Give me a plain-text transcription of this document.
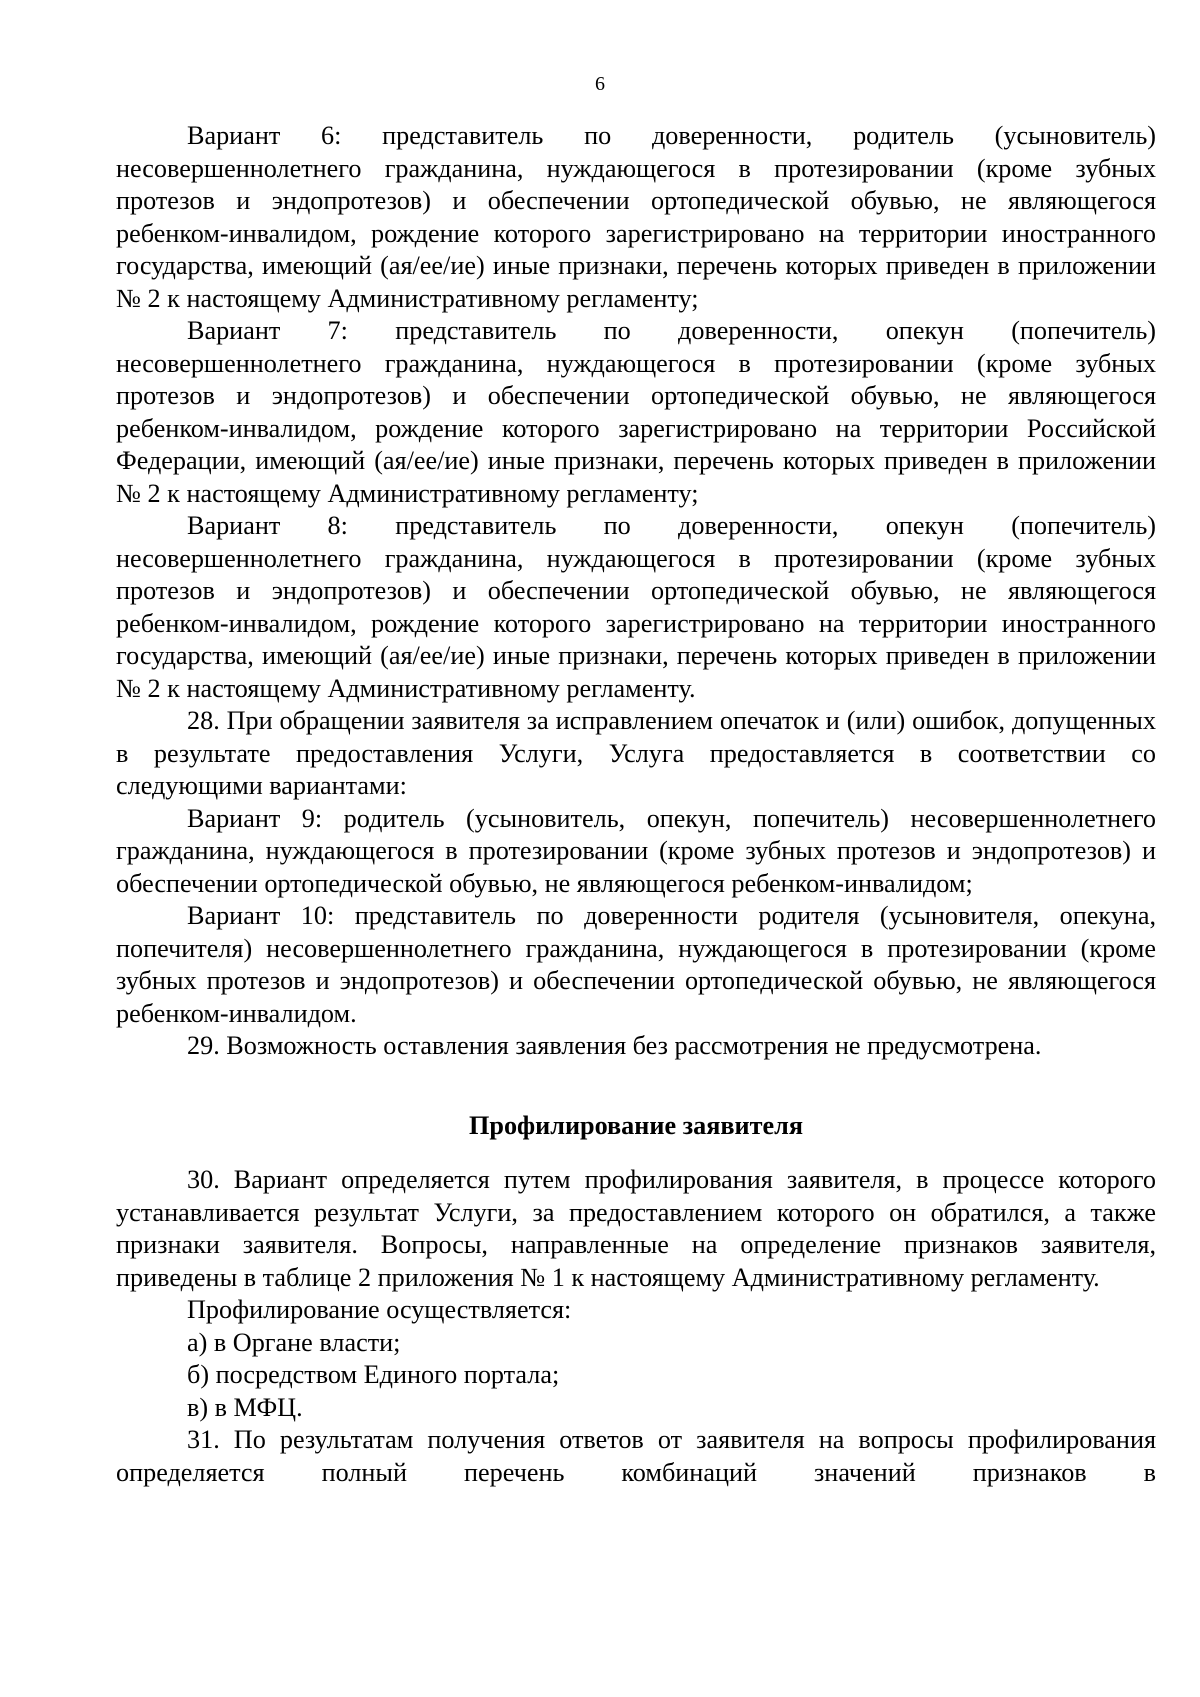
6

Вариант 6: представитель по доверенности, родитель (усыновитель) несовершеннолетнего гражданина, нуждающегося в протезировании (кроме зубных протезов и эндопротезов) и обеспечении ортопедической обувью, не являющегося ребенком-инвалидом, рождение которого зарегистрировано на территории иностранного государства, имеющий (ая/ее/ие) иные признаки, перечень которых приведен в приложении № 2 к настоящему Административному регламенту;

Вариант 7: представитель по доверенности, опекун (попечитель) несовершеннолетнего гражданина, нуждающегося в протезировании (кроме зубных протезов и эндопротезов) и обеспечении ортопедической обувью, не являющегося ребенком-инвалидом, рождение которого зарегистрировано на территории Российской Федерации, имеющий (ая/ее/ие) иные признаки, перечень которых приведен в приложении № 2 к настоящему Административному регламенту;

Вариант 8: представитель по доверенности, опекун (попечитель) несовершеннолетнего гражданина, нуждающегося в протезировании (кроме зубных протезов и эндопротезов) и обеспечении ортопедической обувью, не являющегося ребенком-инвалидом, рождение которого зарегистрировано на территории иностранного государства, имеющий (ая/ее/ие) иные признаки, перечень которых приведен в приложении № 2 к настоящему Административному регламенту.

28. При обращении заявителя за исправлением опечаток и (или) ошибок, допущенных в результате предоставления Услуги, Услуга предоставляется в соответствии со следующими вариантами:

Вариант 9: родитель (усыновитель, опекун, попечитель) несовершеннолетнего гражданина, нуждающегося в протезировании (кроме зубных протезов и эндопротезов) и обеспечении ортопедической обувью, не являющегося ребенком-инвалидом;

Вариант 10: представитель по доверенности родителя (усыновителя, опекуна, попечителя) несовершеннолетнего гражданина, нуждающегося в протезировании (кроме зубных протезов и эндопротезов) и обеспечении ортопедической обувью, не являющегося ребенком-инвалидом.

29. Возможность оставления заявления без рассмотрения не предусмотрена.

Профилирование заявителя

30. Вариант определяется путем профилирования заявителя, в процессе которого устанавливается результат Услуги, за предоставлением которого он обратился, а также признаки заявителя. Вопросы, направленные на определение признаков заявителя, приведены в таблице 2 приложения № 1 к настоящему Административному регламенту.

Профилирование осуществляется:

а) в Органе власти;

б) посредством Единого портала;

в) в МФЦ.

31. По результатам получения ответов от заявителя на вопросы профилирования определяется полный перечень комбинаций значений признаков в
